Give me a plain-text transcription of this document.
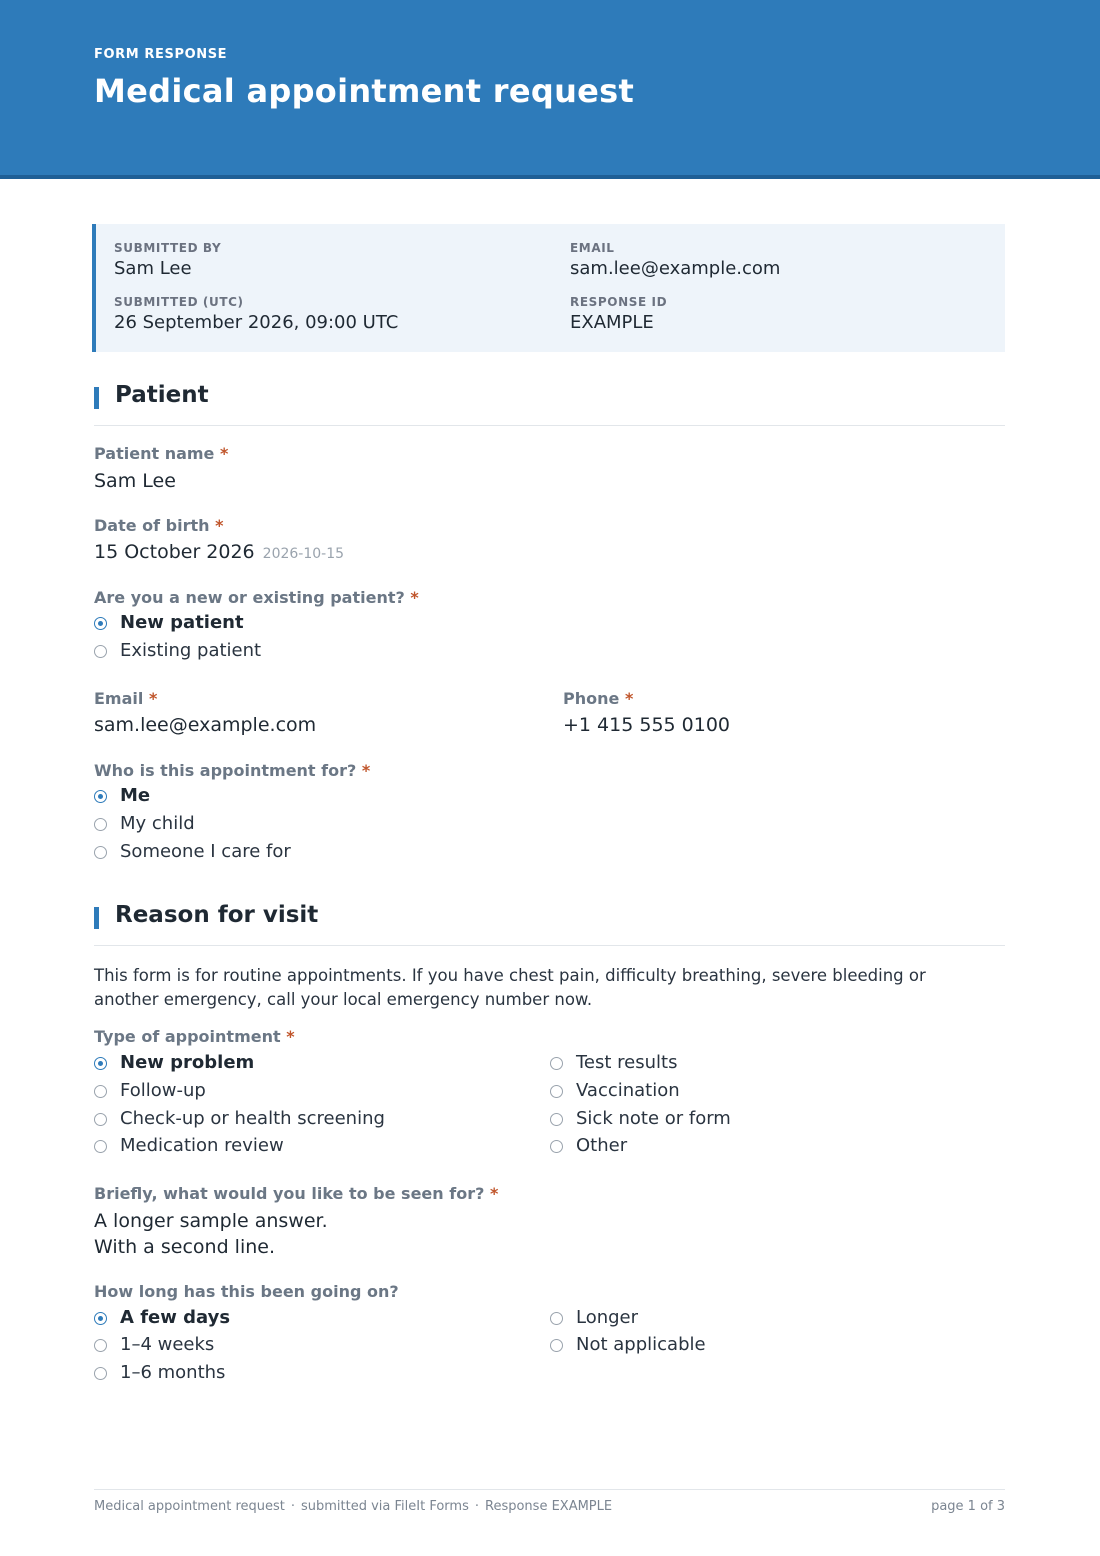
FORM RESPONSE
Medical appointment request
SUBMITTED BY
Sam Lee
EMAIL
sam.lee@example.com
SUBMITTED (UTC)
26 September 2026, 09:00 UTC
RESPONSE ID
EXAMPLE
Patient
Patient name *
Sam Lee
Date of birth *
15 October 2026 2026-10-15
Are you a new or existing patient? *
New patient
Existing patient
Email *
sam.lee@example.com
Phone *
+1 415 555 0100
Who is this appointment for? *
Me
My child
Someone I care for
Reason for visit
This form is for routine appointments. If you have chest pain, difficulty breathing, severe bleeding or another emergency, call your local emergency number now.
Type of appointment *
New problem
Follow-up
Check-up or health screening
Medication review
Test results
Vaccination
Sick note or form
Other
Briefly, what would you like to be seen for? *
A longer sample answer.
With a second line.
How long has this been going on?
A few days
1–4 weeks
1–6 months
Longer
Not applicable
Medical appointment request · submitted via FileIt Forms · Response EXAMPLE	page 1 of 3
